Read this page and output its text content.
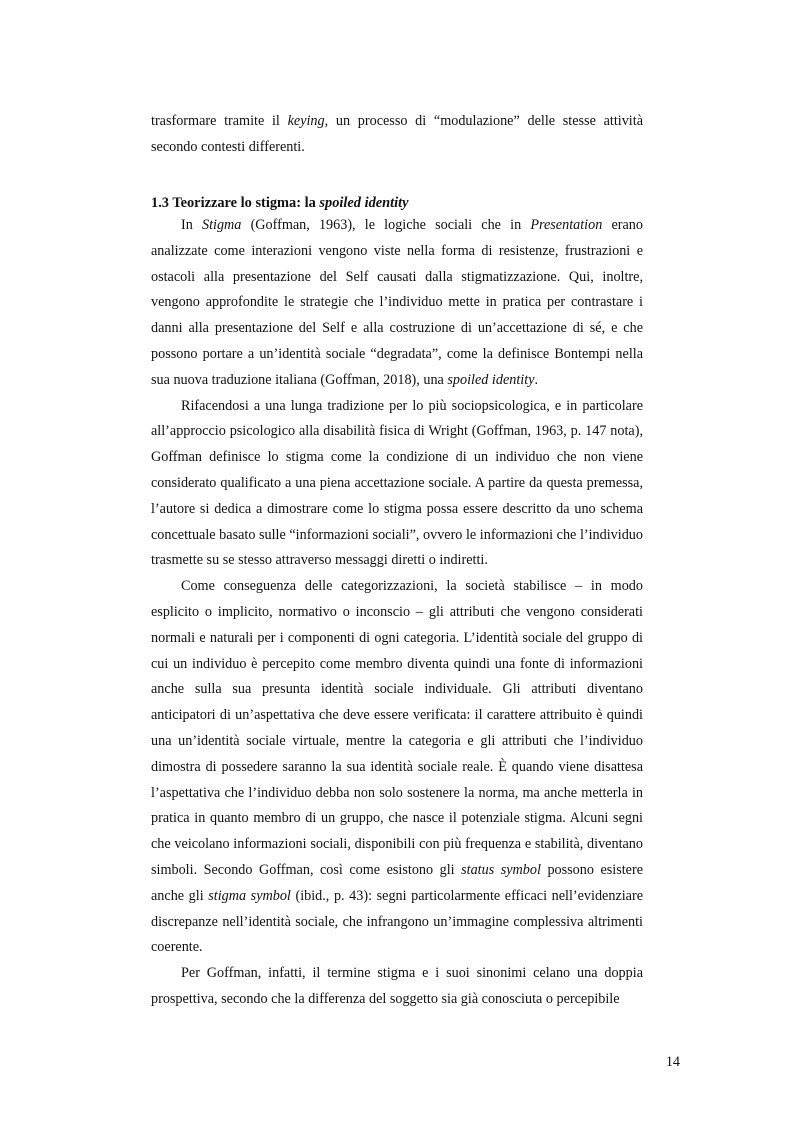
trasformare tramite il keying, un processo di “modulazione” delle stesse attività secondo contesti differenti.

1.3 Teorizzare lo stigma: la spoiled identity

In Stigma (Goffman, 1963), le logiche sociali che in Presentation erano analizzate come interazioni vengono viste nella forma di resistenze, frustrazioni e ostacoli alla presentazione del Self causati dalla stigmatizzazione. Qui, inoltre, vengono approfondite le strategie che l’individuo mette in pratica per contrastare i danni alla presentazione del Self e alla costruzione di un’accettazione di sé, e che possono portare a un’identità sociale “degradata”, come la definisce Bontempi nella sua nuova traduzione italiana (Goffman, 2018), una spoiled identity.

Rifacendosi a una lunga tradizione per lo più sociopsicologica, e in particolare all’approccio psicologico alla disabilità fisica di Wright (Goffman, 1963, p. 147 nota), Goffman definisce lo stigma come la condizione di un individuo che non viene considerato qualificato a una piena accettazione sociale. A partire da questa premessa, l’autore si dedica a dimostrare come lo stigma possa essere descritto da uno schema concettuale basato sulle “informazioni sociali”, ovvero le informazioni che l’individuo trasmette su se stesso attraverso messaggi diretti o indiretti.

Come conseguenza delle categorizzazioni, la società stabilisce – in modo esplicito o implicito, normativo o inconscio – gli attributi che vengono considerati normali e naturali per i componenti di ogni categoria. L’identità sociale del gruppo di cui un individuo è percepito come membro diventa quindi una fonte di informazioni anche sulla sua presunta identità sociale individuale. Gli attributi diventano anticipatori di un’aspettativa che deve essere verificata: il carattere attribuito è quindi una un’identità sociale virtuale, mentre la categoria e gli attributi che l’individuo dimostra di possedere saranno la sua identità sociale reale. È quando viene disattesa l’aspettativa che l’individuo debba non solo sostenere la norma, ma anche metterla in pratica in quanto membro di un gruppo, che nasce il potenziale stigma. Alcuni segni che veicolano informazioni sociali, disponibili con più frequenza e stabilità, diventano simboli. Secondo Goffman, così come esistono gli status symbol possono esistere anche gli stigma symbol (ibid., p. 43): segni particolarmente efficaci nell’evidenziare discrepanze nell’identità sociale, che infrangono un’immagine complessiva altrimenti coerente.

Per Goffman, infatti, il termine stigma e i suoi sinonimi celano una doppia prospettiva, secondo che la differenza del soggetto sia già conosciuta o percepibile

14
